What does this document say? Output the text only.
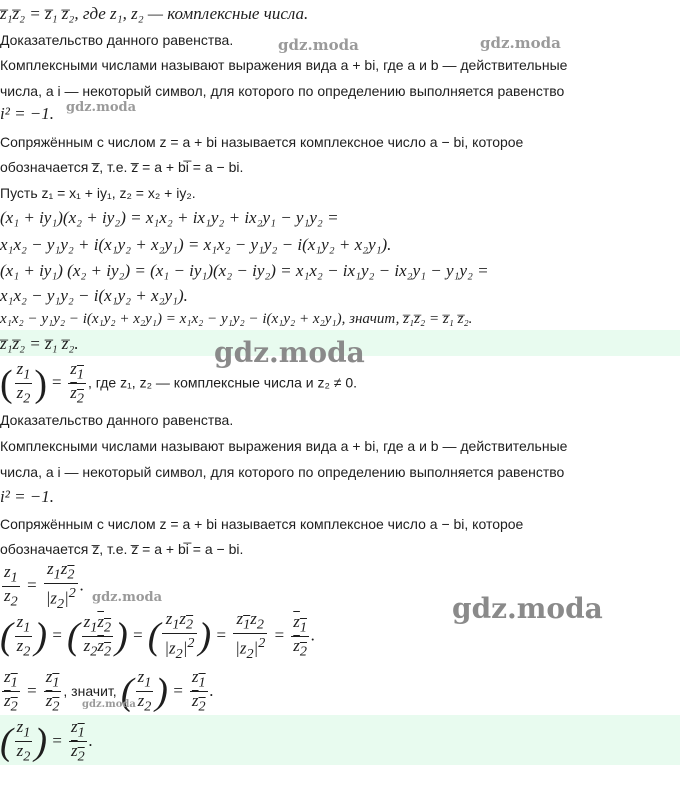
z̅₁z̅₂ = z̅₁ z̅₂, где z₁, z₂ — комплексные числа.
Доказательство данного равенства.
Комплексными числами называют выражения вида a + bi, где a и b — действительные
числа, а i — некоторый символ, для которого по определению выполняется равенство
i² = −1.
Сопряжённым с числом z = a + bi называется комплексное число a − bi, которое
обозначается z̅, т.е. z̅ = a + bi̅ = a − bi.
Пусть z₁ = x₁ + iy₁, z₂ = x₂ + iy₂.
(x₁ + iy₁)(x₂ + iy₂) = x₁x₂ + ix₁y₂ + ix₂y₁ − y₁y₂ =
x₁x₂ − y₁y₂ + i(x₁y₂ + x₂y₁) = x₁x₂ − y₁y₂ − i(x₁y₂ + x₂y₁).
(x₁ + iy₁) (x₂ + iy₂) = (x₁ − iy₁)(x₂ − iy₂) = x₁x₂ − ix₁y₂ − ix₂y₁ − y₁y₂ =
x₁x₂ − y₁y₂ − i(x₁y₂ + x₂y₁).
x₁x₂ − y₁y₂ − i(x₁y₂ + x₂y₁) = x₁x₂ − y₁y₂ − i(x₁y₂ + x₂y₁), значит, z̅₁z̅₂ = z̅₁ z̅₂.
z̅₁z̅₂ = z̅₁ z̅₂.
( $\frac{z_1}{z_2}$ ) = $\frac{z_1}{z_2}$ , где z₁, z₂ — комплексные числа и z₂ ≠ 0.
Доказательство данного равенства.
Комплексными числами называют выражения вида a + bi, где a и b — действительные
числа, а i — некоторый символ, для которого по определению выполняется равенство
i² = −1.
Сопряжённым с числом z = a + bi называется комплексное число a − bi, которое
обозначается z̅, т.е. z̅ = a + bi̅ = a − bi.
$\frac{z_1}{z_2} = \frac{z_1z_2}{|z_2|^2}$ .
( $\frac{z_1}{z_2}$ ) = ( $\frac{z_1z_2}{z_2z_2}$ ) = ( $\frac{z_1z_2}{|z_2|^2}$ ) = $\frac{z_1z_2}{|z_2|^2} = \frac{z_1}{z_2}$ .
$\frac{z_1}{z_2} = \frac{z_1}{z_2}$ , значит, ( $\frac{z_1}{z_2}$ ) = $\frac{z_1}{z_2}$ .
( $\frac{z_1}{z_2}$ ) = $\frac{z_1}{z_2}$ .
gdz.moda	gdz.moda
gdz.moda
gdz.moda
gdz.moda	gdz.moda
gdz.moda
